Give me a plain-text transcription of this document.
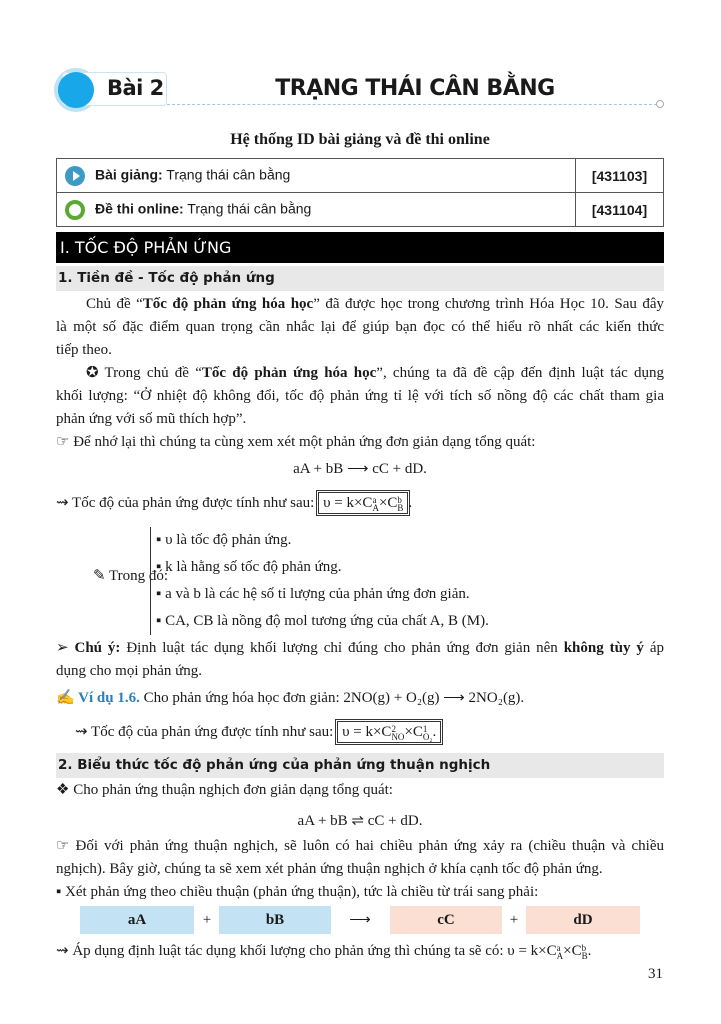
Bài 2	TRẠNG THÁI CÂN BẰNG
Hệ thống ID bài giảng và đề thi online
Bài giảng: Trạng thái cân bằng	[431103]
Đề thi online: Trạng thái cân bằng	[431104]
I. TỐC ĐỘ PHẢN ỨNG
1. Tiền đề - Tốc độ phản ứng
Chủ đề “Tốc độ phản ứng hóa học” đã được học trong chương trình Hóa Học 10. Sau đây
là một số đặc điểm quan trọng cần nhắc lại để giúp bạn đọc có thể hiểu rõ nhất các kiến thức
tiếp theo.
✪ Trong chủ đề “Tốc độ phản ứng hóa học”, chúng ta đã đề cập đến định luật tác dụng
khối lượng: “Ở nhiệt độ không đổi, tốc độ phản ứng tỉ lệ với tích số nồng độ các chất tham gia
phản ứng với số mũ thích hợp”.
☞ Để nhớ lại thì chúng ta cùng xem xét một phản ứng đơn giản dạng tổng quát:
aA + bB ⟶ cC + dD.
⇝ Tốc độ của phản ứng được tính như sau: υ = k×Ca
A×Cb
B .
✎ Trong đó:
▪ υ là tốc độ phản ứng.
▪ k là hằng số tốc độ phản ứng.
▪ a và b là các hệ số tỉ lượng của phản ứng đơn giản.
▪ CA, CB là nồng độ mol tương ứng của chất A, B (M).
➢ Chú ý: Định luật tác dụng khối lượng chỉ đúng cho phản ứng đơn giản nên không tùy ý áp
dụng cho mọi phản ứng.
✍ Ví dụ 1.6. Cho phản ứng hóa học đơn giản: 2NO(g) + O₂(g) ⟶ 2NO₂(g).
⇝ Tốc độ của phản ứng được tính như sau: υ = k×C2
NO×C1
O₂.
2. Biểu thức tốc độ phản ứng của phản ứng thuận nghịch
❖ Cho phản ứng thuận nghịch đơn giản dạng tổng quát:
aA + bB ⇌ cC + dD.
☞ Đối với phản ứng thuận nghịch, sẽ luôn có hai chiều phản ứng xảy ra (chiều thuận và chiều
nghịch). Bây giờ, chúng ta sẽ xem xét phản ứng thuận nghịch ở khía cạnh tốc độ phản ứng.
▪ Xét phản ứng theo chiều thuận (phản ứng thuận), tức là chiều từ trái sang phải:
aA	+	bB	⟶	cC	+	dD
⇝ Áp dụng định luật tác dụng khối lượng cho phản ứng thì chúng ta sẽ có: υ = k×Ca
A×Cb
B.
31
